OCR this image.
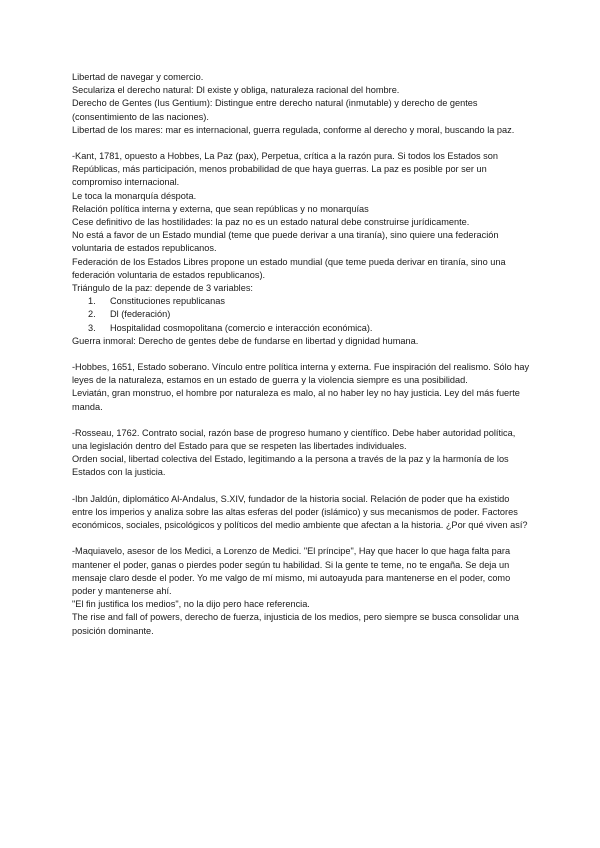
Libertad de navegar y comercio.

Seculariza el derecho natural: Dl existe y obliga, naturaleza racional del hombre.

Derecho de Gentes (Ius Gentium): Distingue entre derecho natural (inmutable) y derecho de gentes (consentimiento de las naciones).

Libertad de los mares: mar es internacional, guerra regulada, conforme al derecho y moral, buscando la paz.

-Kant, 1781, opuesto a Hobbes, La Paz (pax), Perpetua, crítica a la razón pura. Si todos los Estados son Repúblicas, más participación, menos probabilidad de que haya guerras. La paz es posible por ser un compromiso internacional.

Le toca la monarquía déspota.

Relación política interna y externa, que sean repúblicas y no monarquías

Cese definitivo de las hostilidades: la paz no es un estado natural debe construirse jurídicamente.

No está a favor de un Estado mundial (teme que puede derivar a una tiranía), sino quiere una federación voluntaria de estados republicanos.

Federación de los Estados Libres propone un estado mundial (que teme pueda derivar en tiranía, sino una federación voluntaria de estados republicanos).

Triángulo de la paz: depende de 3 variables:

1. Constituciones republicanas
2. Dl (federación)
3. Hospitalidad cosmopolitana (comercio e interacción económica).

Guerra inmoral: Derecho de gentes debe de fundarse en libertad y dignidad humana.

-Hobbes, 1651, Estado soberano. Vínculo entre política interna y externa. Fue inspiración del realismo. Sólo hay leyes de la naturaleza, estamos en un estado de guerra y la violencia siempre es una posibilidad.

Leviatán, gran monstruo, el hombre por naturaleza es malo, al no haber ley no hay justicia. Ley del más fuerte manda.

-Rosseau, 1762. Contrato social, razón base de progreso humano y científico. Debe haber autoridad política, una legislación dentro del Estado para que se respeten las libertades individuales.

Orden social, libertad colectiva del Estado, legitimando a la persona a través de la paz y la harmonía de los Estados con la justicia.

-Ibn Jaldún, diplomático Al-Andalus, S.XIV, fundador de la historia social. Relación de poder que ha existido entre los imperios y analiza sobre las altas esferas del poder (islámico) y sus mecanismos de poder. Factores económicos, sociales, psicológicos y políticos del medio ambiente que afectan a la historia. ¿Por qué viven así?

-Maquiavelo, asesor de los Medici, a Lorenzo de Medici. "El príncipe", Hay que hacer lo que haga falta para mantener el poder, ganas o pierdes poder según tu habilidad. Si la gente te teme, no te engaña. Se deja un mensaje claro desde el poder. Yo me valgo de mí mismo, mi autoayuda para mantenerse en el poder, como poder y mantenerse ahí.

"El fin justifica los medios", no la dijo pero hace referencia.

The rise and fall of powers, derecho de fuerza, injusticia de los medios, pero siempre se busca consolidar una posición dominante.
